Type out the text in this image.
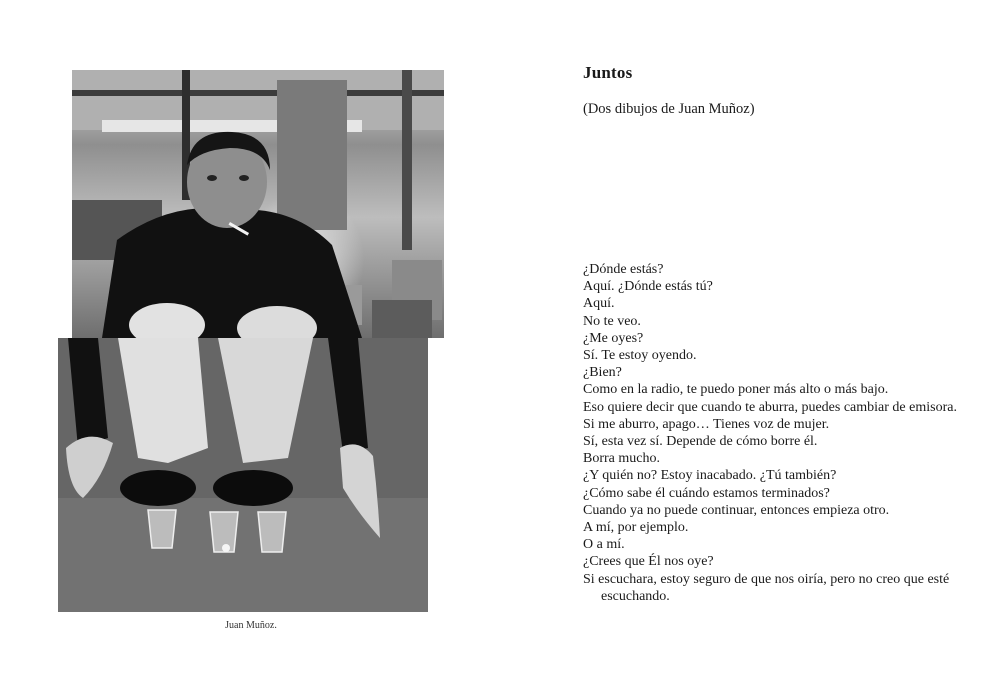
Juan Muñoz.
Juntos
(Dos dibujos de Juan Muñoz)
¿Dónde estás?
Aquí. ¿Dónde estás tú?
Aquí.
No te veo.
¿Me oyes?
Sí. Te estoy oyendo.
¿Bien?
Como en la radio, te puedo poner más alto o más bajo.
Eso quiere decir que cuando te aburra, puedes cambiar de emisora.
Si me aburro, apago… Tienes voz de mujer.
Sí, esta vez sí. Depende de cómo borre él.
Borra mucho.
¿Y quién no? Estoy inacabado. ¿Tú también?
¿Cómo sabe él cuándo estamos terminados?
Cuando ya no puede continuar, entonces empieza otro.
A mí, por ejemplo.
O a mí.
¿Crees que Él nos oye?
Si escuchara, estoy seguro de que nos oiría, pero no creo que esté escuchando.
